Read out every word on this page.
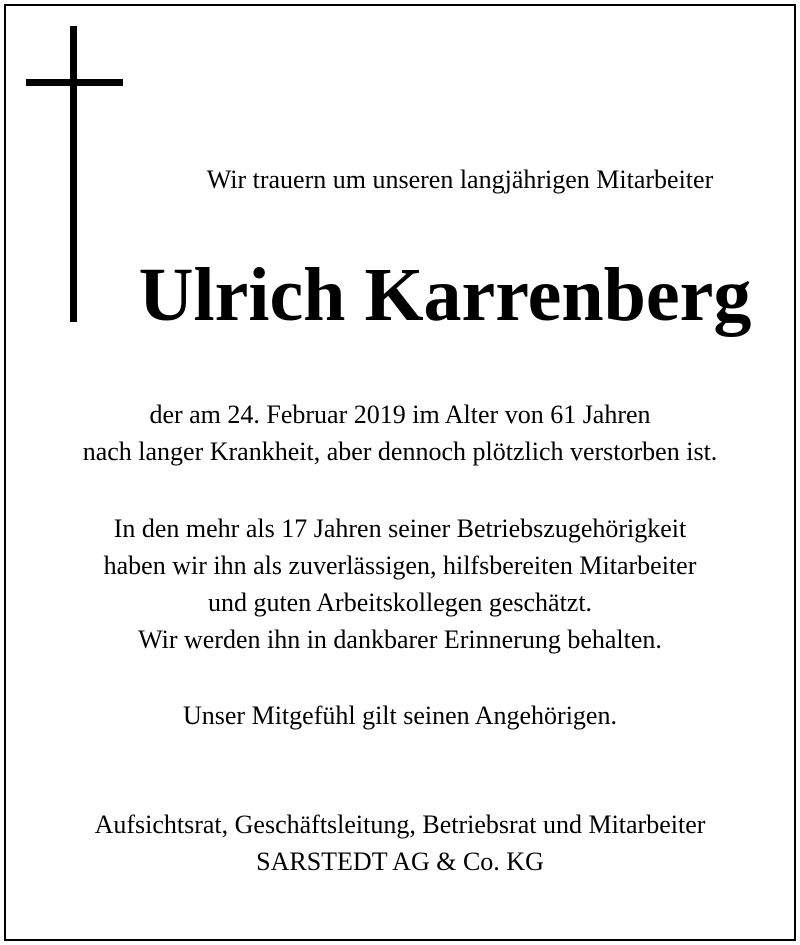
Wir trauern um unseren langjährigen Mitarbeiter
Ulrich Karrenberg
der am 24. Februar 2019 im Alter von 61 Jahren
nach langer Krankheit, aber dennoch plötzlich verstorben ist.
In den mehr als 17 Jahren seiner Betriebszugehörigkeit
haben wir ihn als zuverlässigen, hilfsbereiten Mitarbeiter
und guten Arbeitskollegen geschätzt.
Wir werden ihn in dankbarer Erinnerung behalten.
Unser Mitgefühl gilt seinen Angehörigen.
Aufsichtsrat, Geschäftsleitung, Betriebsrat und Mitarbeiter
SARSTEDT AG & Co. KG
